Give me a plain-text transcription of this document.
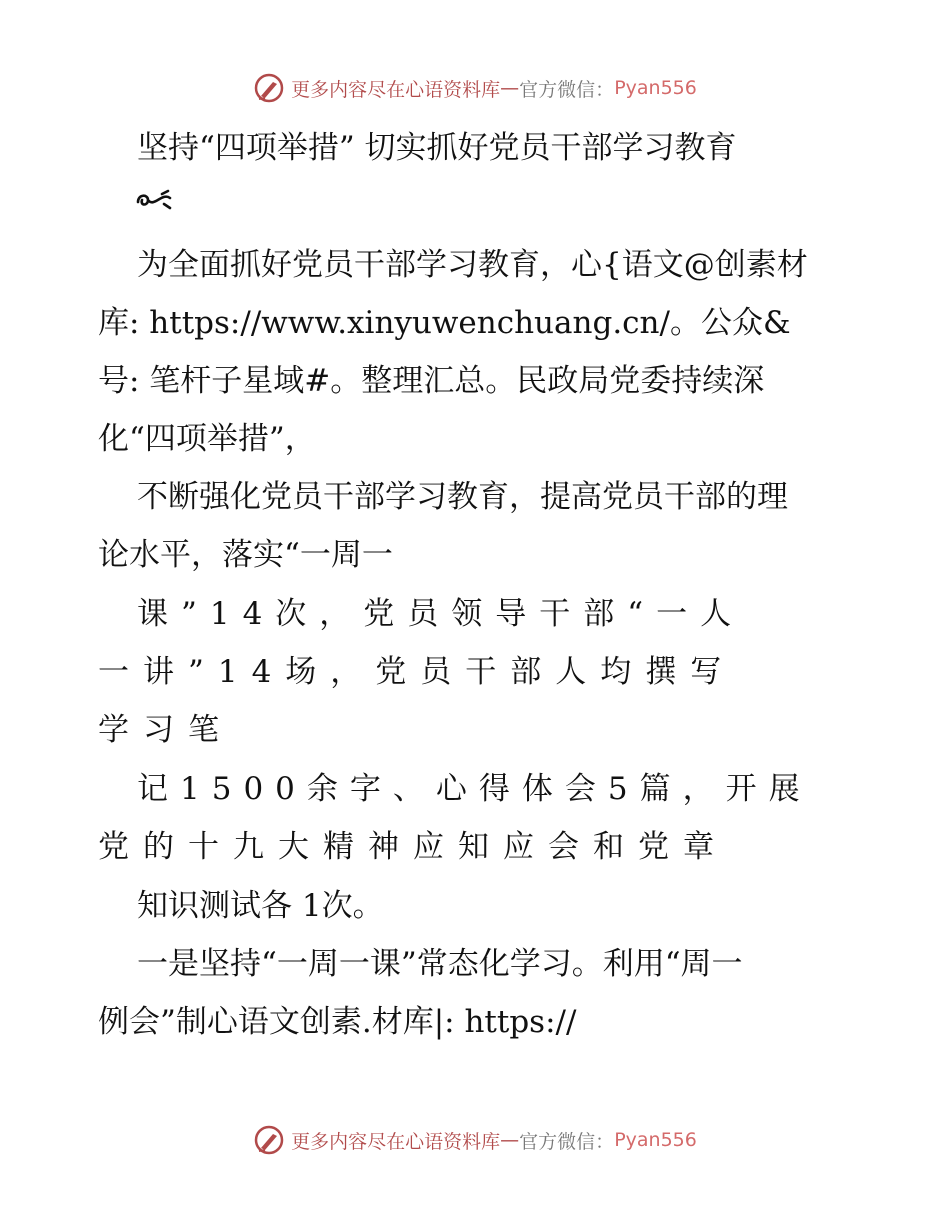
更多内容尽在心语资料库 — 官方微信： Pyan556
坚持“四项举措” 切实抓好党员干部学习教育
为全面抓好党员干部学习教育，心{语文@创素材
库: https://www.xinyuwenchuang.cn/。公众&
号: 笔杆子星域#。整理汇总。民政局党委持续深
化“四项举措”，
不断强化党员干部学习教育，提高党员干部的理
论水平，落实“一周一
课”14次，党员领导干部“一人
一讲”14场，党员干部人均撰写
学习笔
记1500余字、心得体会5篇，开展
党的十九大精神应知应会和党章
知识测试各 1次。
一是坚持“一周一课”常态化学习。利用“周一
例会”制心语文创素.材库|: https://
更多内容尽在心语资料库 — 官方微信： Pyan556
